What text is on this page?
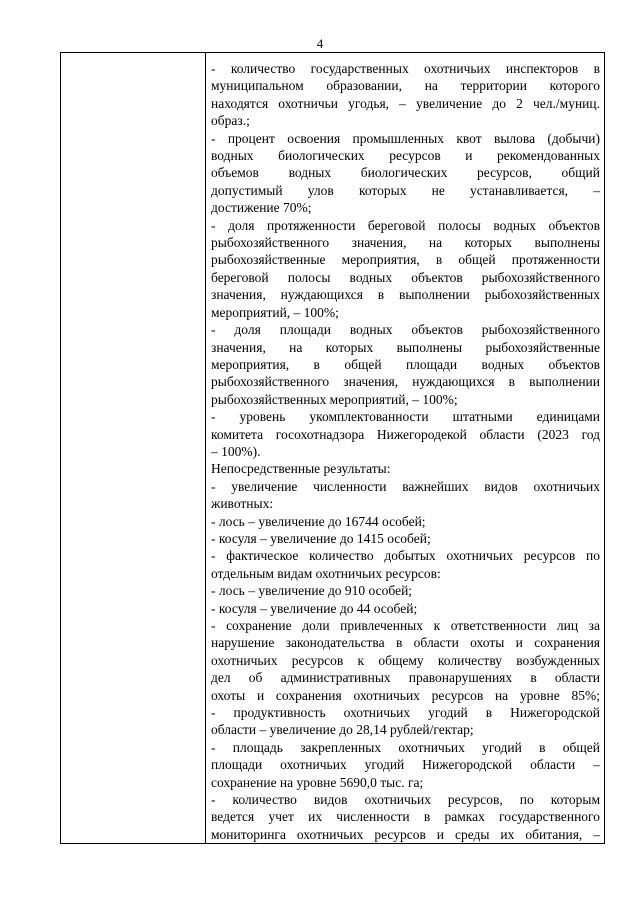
4
- количество государственных охотничьих инспекторов в
муниципальном образовании, на территории которого
находятся охотничьи угодья, – увеличение до 2 чел./муниц.
образ.;
- процент освоения промышленных квот вылова (добычи)
водных биологических ресурсов и рекомендованных
объемов водных биологических ресурсов, общий
допустимый улов которых не устанавливается, –
достижение 70%;
- доля протяженности береговой полосы водных объектов
рыбохозяйственного значения, на которых выполнены
рыбохозяйственные мероприятия, в общей протяженности
береговой полосы водных объектов рыбохозяйственного
значения, нуждающихся в выполнении рыбохозяйственных
мероприятий, – 100%;
- доля площади водных объектов рыбохозяйственного
значения, на которых выполнены рыбохозяйственные
мероприятия, в общей площади водных объектов
рыбохозяйственного значения, нуждающихся в выполнении
рыбохозяйственных мероприятий, – 100%;
- уровень укомплектованности штатными единицами
комитета госохотнадзора Нижегородекой области (2023 год
– 100%).
Непосредственные результаты:
- увеличение численности важнейших видов охотничьих
животных:
- лось – увеличение до 16744 особей;
- косуля – увеличение до 1415 особей;
- фактическое количество добытых охотничьих ресурсов по
отдельным видам охотничьих ресурсов:
- лось – увеличение до 910 особей;
- косуля – увеличение до 44 особей;
- сохранение доли привлеченных к ответственности лиц за
нарушение законодательства в области охоты и сохранения
охотничьих ресурсов к общему количеству возбужденных
дел об административных правонарушениях в области
охоты и сохранения охотничьих ресурсов на уровне 85%;
- продуктивность охотничьих угодий в Нижегородской
области – увеличение до 28,14 рублей/гектар;
- площадь закрепленных охотничьих угодий в общей
площади охотничьих угодий Нижегородской области –
сохранение на уровне 5690,0 тыс. га;
- количество видов охотничьих ресурсов, по которым
ведется учет их численности в рамках государственного
мониторинга охотничьих ресурсов и среды их обитания, –
